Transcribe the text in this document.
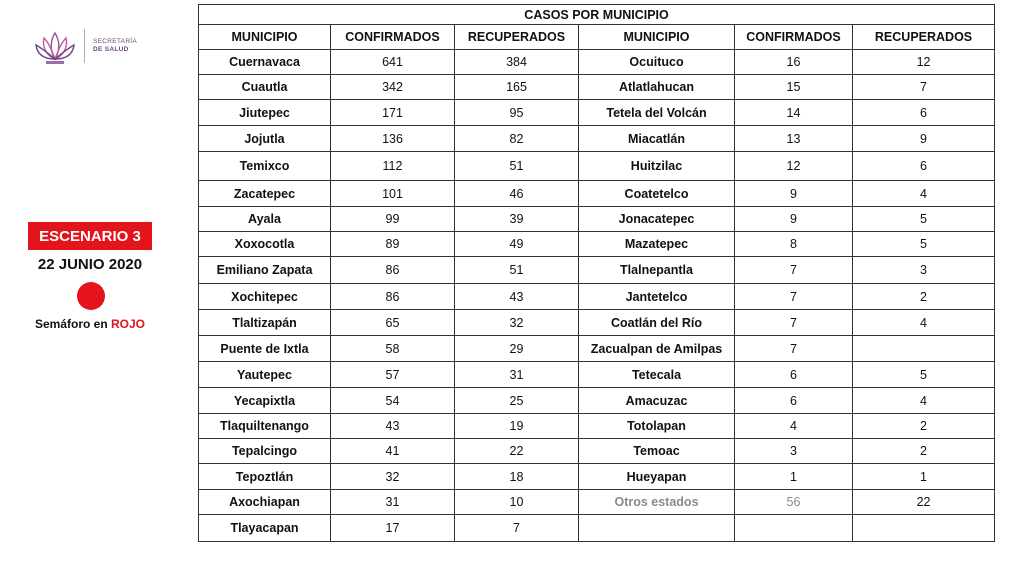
SECRETARÍA
DE SALUD
ESCENARIO 3
22 JUNIO 2020
Semáforo en ROJO
CASOS POR MUNICIPIO					
MUNICIPIO	CONFIRMADOS	RECUPERADOS	MUNICIPIO	CONFIRMADOS	RECUPERADOS
Cuernavaca	641	384	Ocuituco	16	12
Cuautla	342	165	Atlatlahucan	15	7
Jiutepec	171	95	Tetela del Volcán	14	6
Jojutla	136	82	Miacatlán	13	9
Temixco	112	51	Huitzilac	12	6
Zacatepec	101	46	Coatetelco	9	4
Ayala	99	39	Jonacatepec	9	5
Xoxocotla	89	49	Mazatepec	8	5
Emiliano Zapata	86	51	Tlalnepantla	7	3
Xochitepec	86	43	Jantetelco	7	2
Tlaltizapán	65	32	Coatlán del Río	7	4
Puente de Ixtla	58	29	Zacualpan de Amilpas	7	
Yautepec	57	31	Tetecala	6	5
Yecapixtla	54	25	Amacuzac	6	4
Tlaquiltenango	43	19	Totolapan	4	2
Tepalcingo	41	22	Temoac	3	2
Tepoztlán	32	18	Hueyapan	1	1
Axochiapan	31	10	Otros estados	56	22
Tlayacapan	17	7			
